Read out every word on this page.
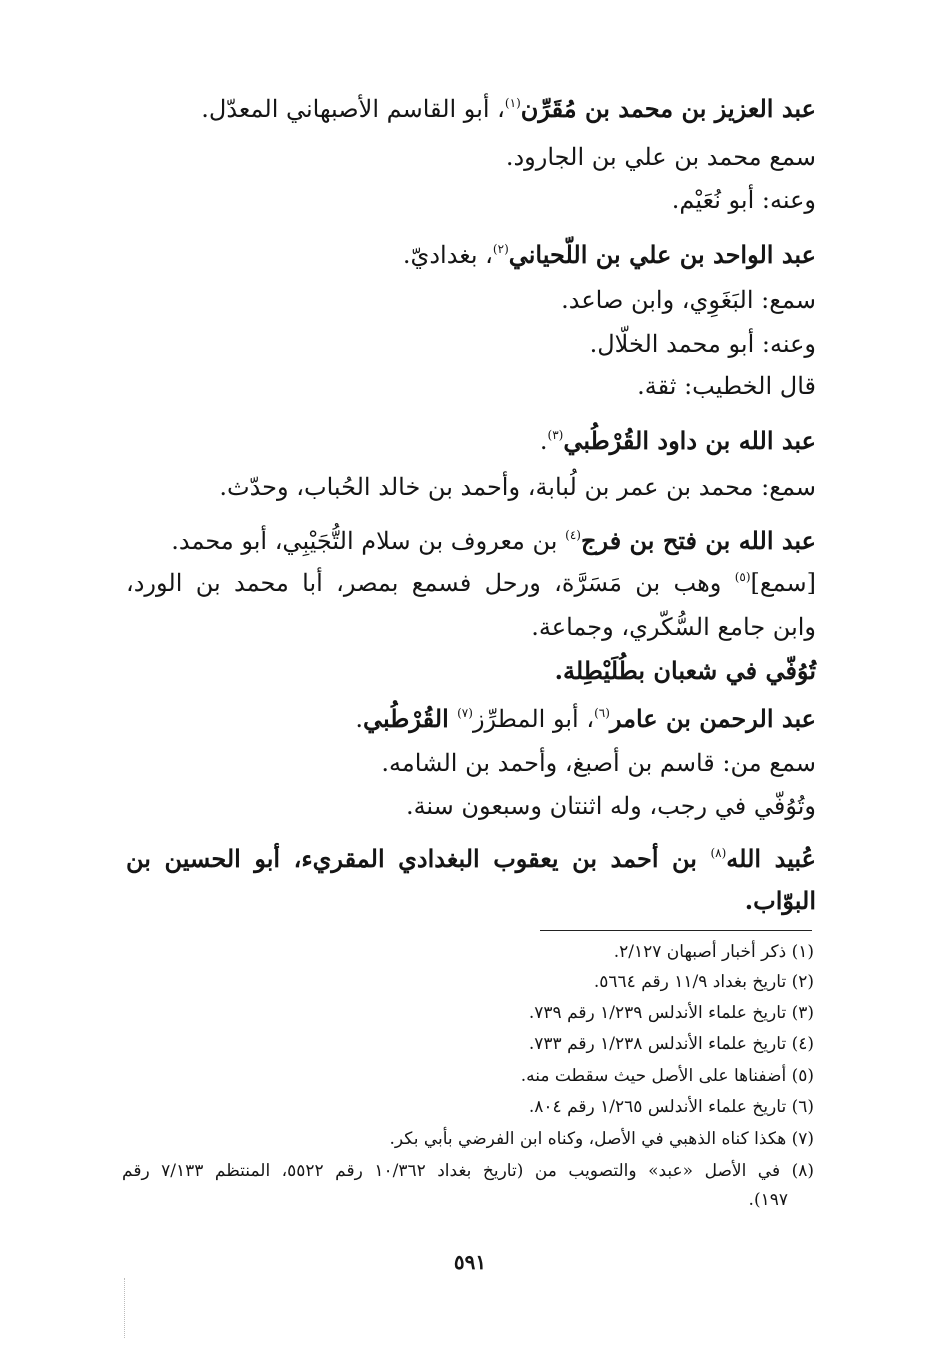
عبد العزيز بن محمد بن مُقَرِّن$^{(١)}$، أبو القاسم الأصبهاني المعدّل.
سمع محمد بن علي بن الجارود.
وعنه: أبو نُعَيْم.
عبد الواحد بن علي بن اللّحياني$^{(٢)}$، بغداديّ.
سمع: البَغَوِي، وابن صاعد.
وعنه: أبو محمد الخلّال.
قال الخطيب: ثقة.
عبد الله بن داود القُرْطُبي$^{(٣)}$.
سمع: محمد بن عمر بن لُبابة، وأحمد بن خالد الحُباب، وحدّث.
عبد الله بن فتح بن فرج$^{(٤)}$ بن معروف بن سلام التُّجَيْبِي، أبو محمد.
[سمع]$^{(٥)}$ وهب بن مَسَرَّة، ورحل فسمع بمصر، أبا محمد بن الورد،
وابن جامع السُّكّري، وجماعة.
تُوُفّي في شعبان بطُلَيْطِلة.
عبد الرحمن بن عامر$^{(٦)}$، أبو المطرِّز$^{(٧)}$ القُرْطُبي.
سمع من: قاسم بن أصبغ، وأحمد بن الشامه.
وتُوُفّي في رجب، وله اثنتان وسبعون سنة.
عُبيد الله$^{(٨)}$ بن أحمد بن يعقوب البغدادي المقريء، أبو الحسين بن
البوّاب.
(١) ذكر أخبار أصبهان ٢/١٢٧.
(٢) تاريخ بغداد ١١/٩ رقم ٥٦٦٤.
(٣) تاريخ علماء الأندلس ١/٢٣٩ رقم ٧٣٩.
(٤) تاريخ علماء الأندلس ١/٢٣٨ رقم ٧٣٣.
(٥) أضفناها على الأصل حيث سقطت منه.
(٦) تاريخ علماء الأندلس ١/٢٦٥ رقم ٨٠٤.
(٧) هكذا كناه الذهبي في الأصل، وكناه ابن الفرضي بأبي بكر.
(٨) في الأصل «عبد» والتصويب من (تاريخ بغداد ١٠/٣٦٢ رقم ٥٥٢٢، المنتظم ٧/١٣٣ رقم
١٩٧).
٥٩١
